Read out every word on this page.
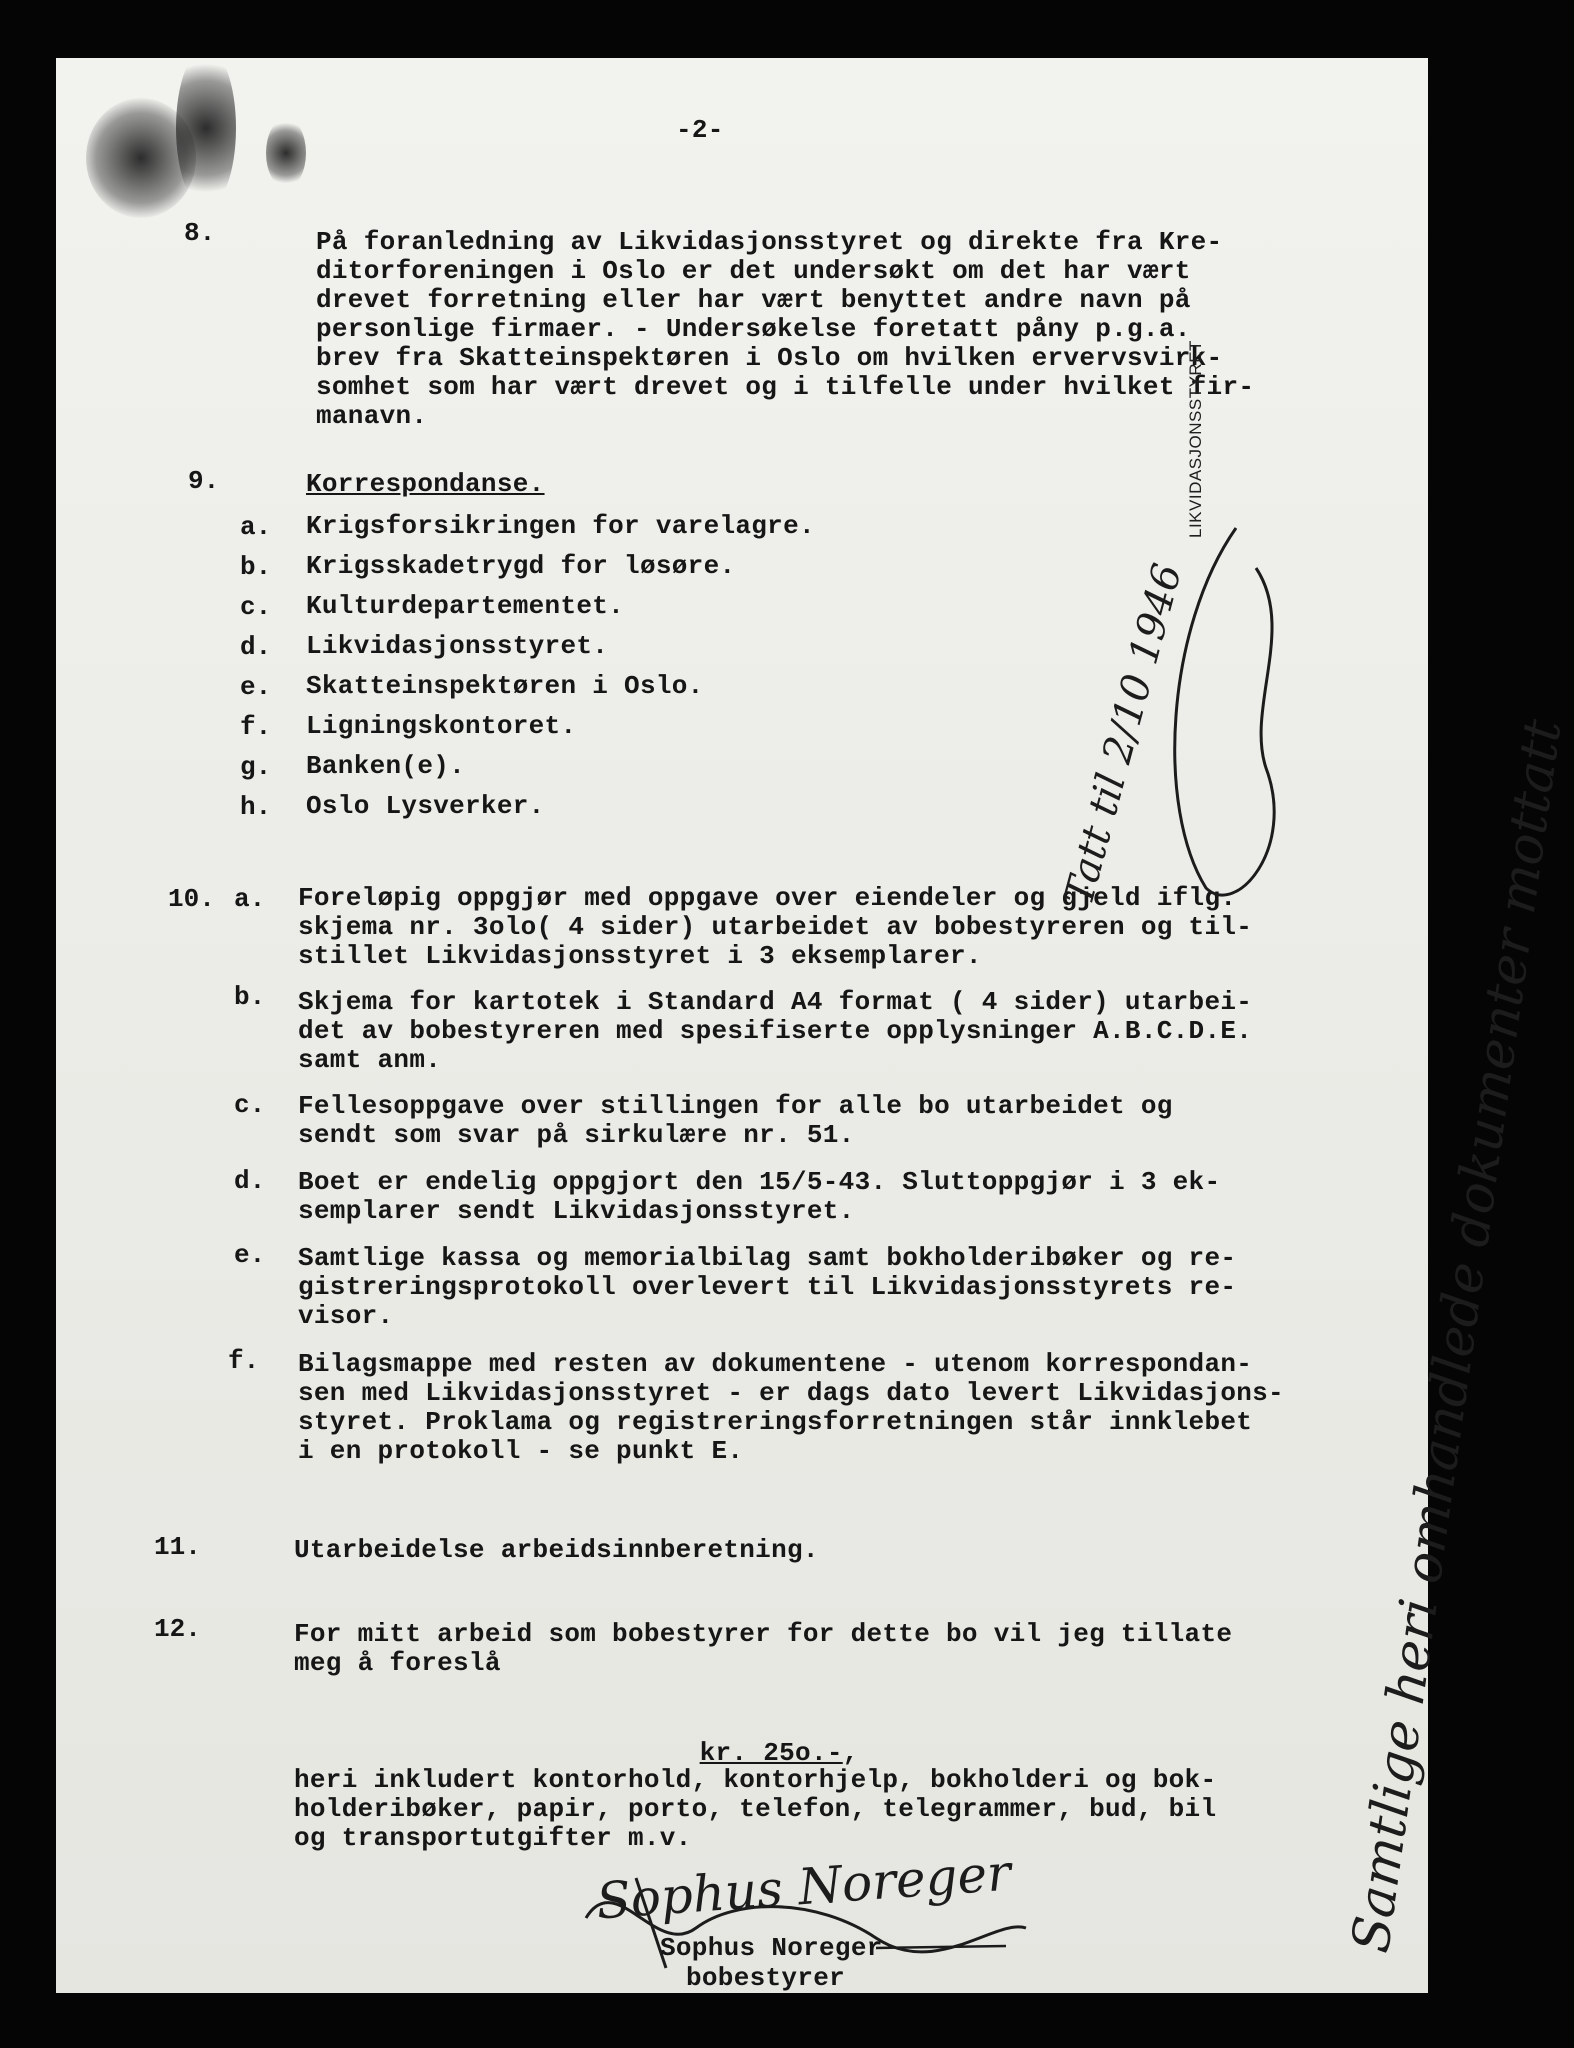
-2-
8.	På foranledning av Likvidasjonsstyret og direkte fra Kre-
ditorforeningen i Oslo er det undersøkt om det har vært
drevet forretning eller har vært benyttet andre navn på
personlige firmaer. - Undersøkelse foretatt påny p.g.a.
brev fra Skatteinspektøren i Oslo om hvilken ervervsvirk-
somhet som har vært drevet og i tilfelle under hvilket fir-
manavn.
9.	Korrespondanse.
a. Krigsforsikringen for varelagre.
b. Krigsskadetrygd for løsøre.
c. Kulturdepartementet.
d. Likvidasjonsstyret.
e. Skatteinspektøren i Oslo.
f. Ligningskontoret.
g. Banken(e).
h. Oslo Lysverker.
10. a. Foreløpig oppgjør med oppgave over eiendeler og gjeld iflg.
skjema nr. 3olo( 4 sider) utarbeidet av bobestyreren og til-
stillet Likvidasjonsstyret i 3 eksemplarer.
b. Skjema for kartotek i Standard A4 format ( 4 sider) utarbei-
det av bobestyreren med spesifiserte opplysninger A.B.C.D.E.
samt anm.
c. Fellesoppgave over stillingen for alle bo utarbeidet og
sendt som svar på sirkulære nr. 51.
d. Boet er endelig oppgjort den 15/5-43. Sluttoppgjør i 3 ek-
semplarer sendt Likvidasjonsstyret.
e. Samtlige kassa og memorialbilag samt bokholderibøker og re-
gistreringsprotokoll overlevert til Likvidasjonsstyrets re-
visor.
f. Bilagsmappe med resten av dokumentene - utenom korrespondan-
sen med Likvidasjonsstyret - er dags dato levert Likvidasjons-
styret. Proklama og registreringsforretningen står innklebet
i en protokoll - se punkt E.
11.	Utarbeidelse arbeidsinnberetning.
12.	For mitt arbeid som bobestyrer for dette bo vil jeg tillate
meg å foreslå

kr. 25o.-,

heri inkludert kontorhold, kontorhjelp, bokholderi og bok-
holderibøker, papir, porto, telefon, telegrammer, bud, bil
og transportutgifter m.v.
Sophus Noreger
Sophus Noreger
bobestyrer
LIKVIDASJONSSTYRET
Tatt til 2/10 1946	Samtlige heri omhandlede dokumenter mottatt
